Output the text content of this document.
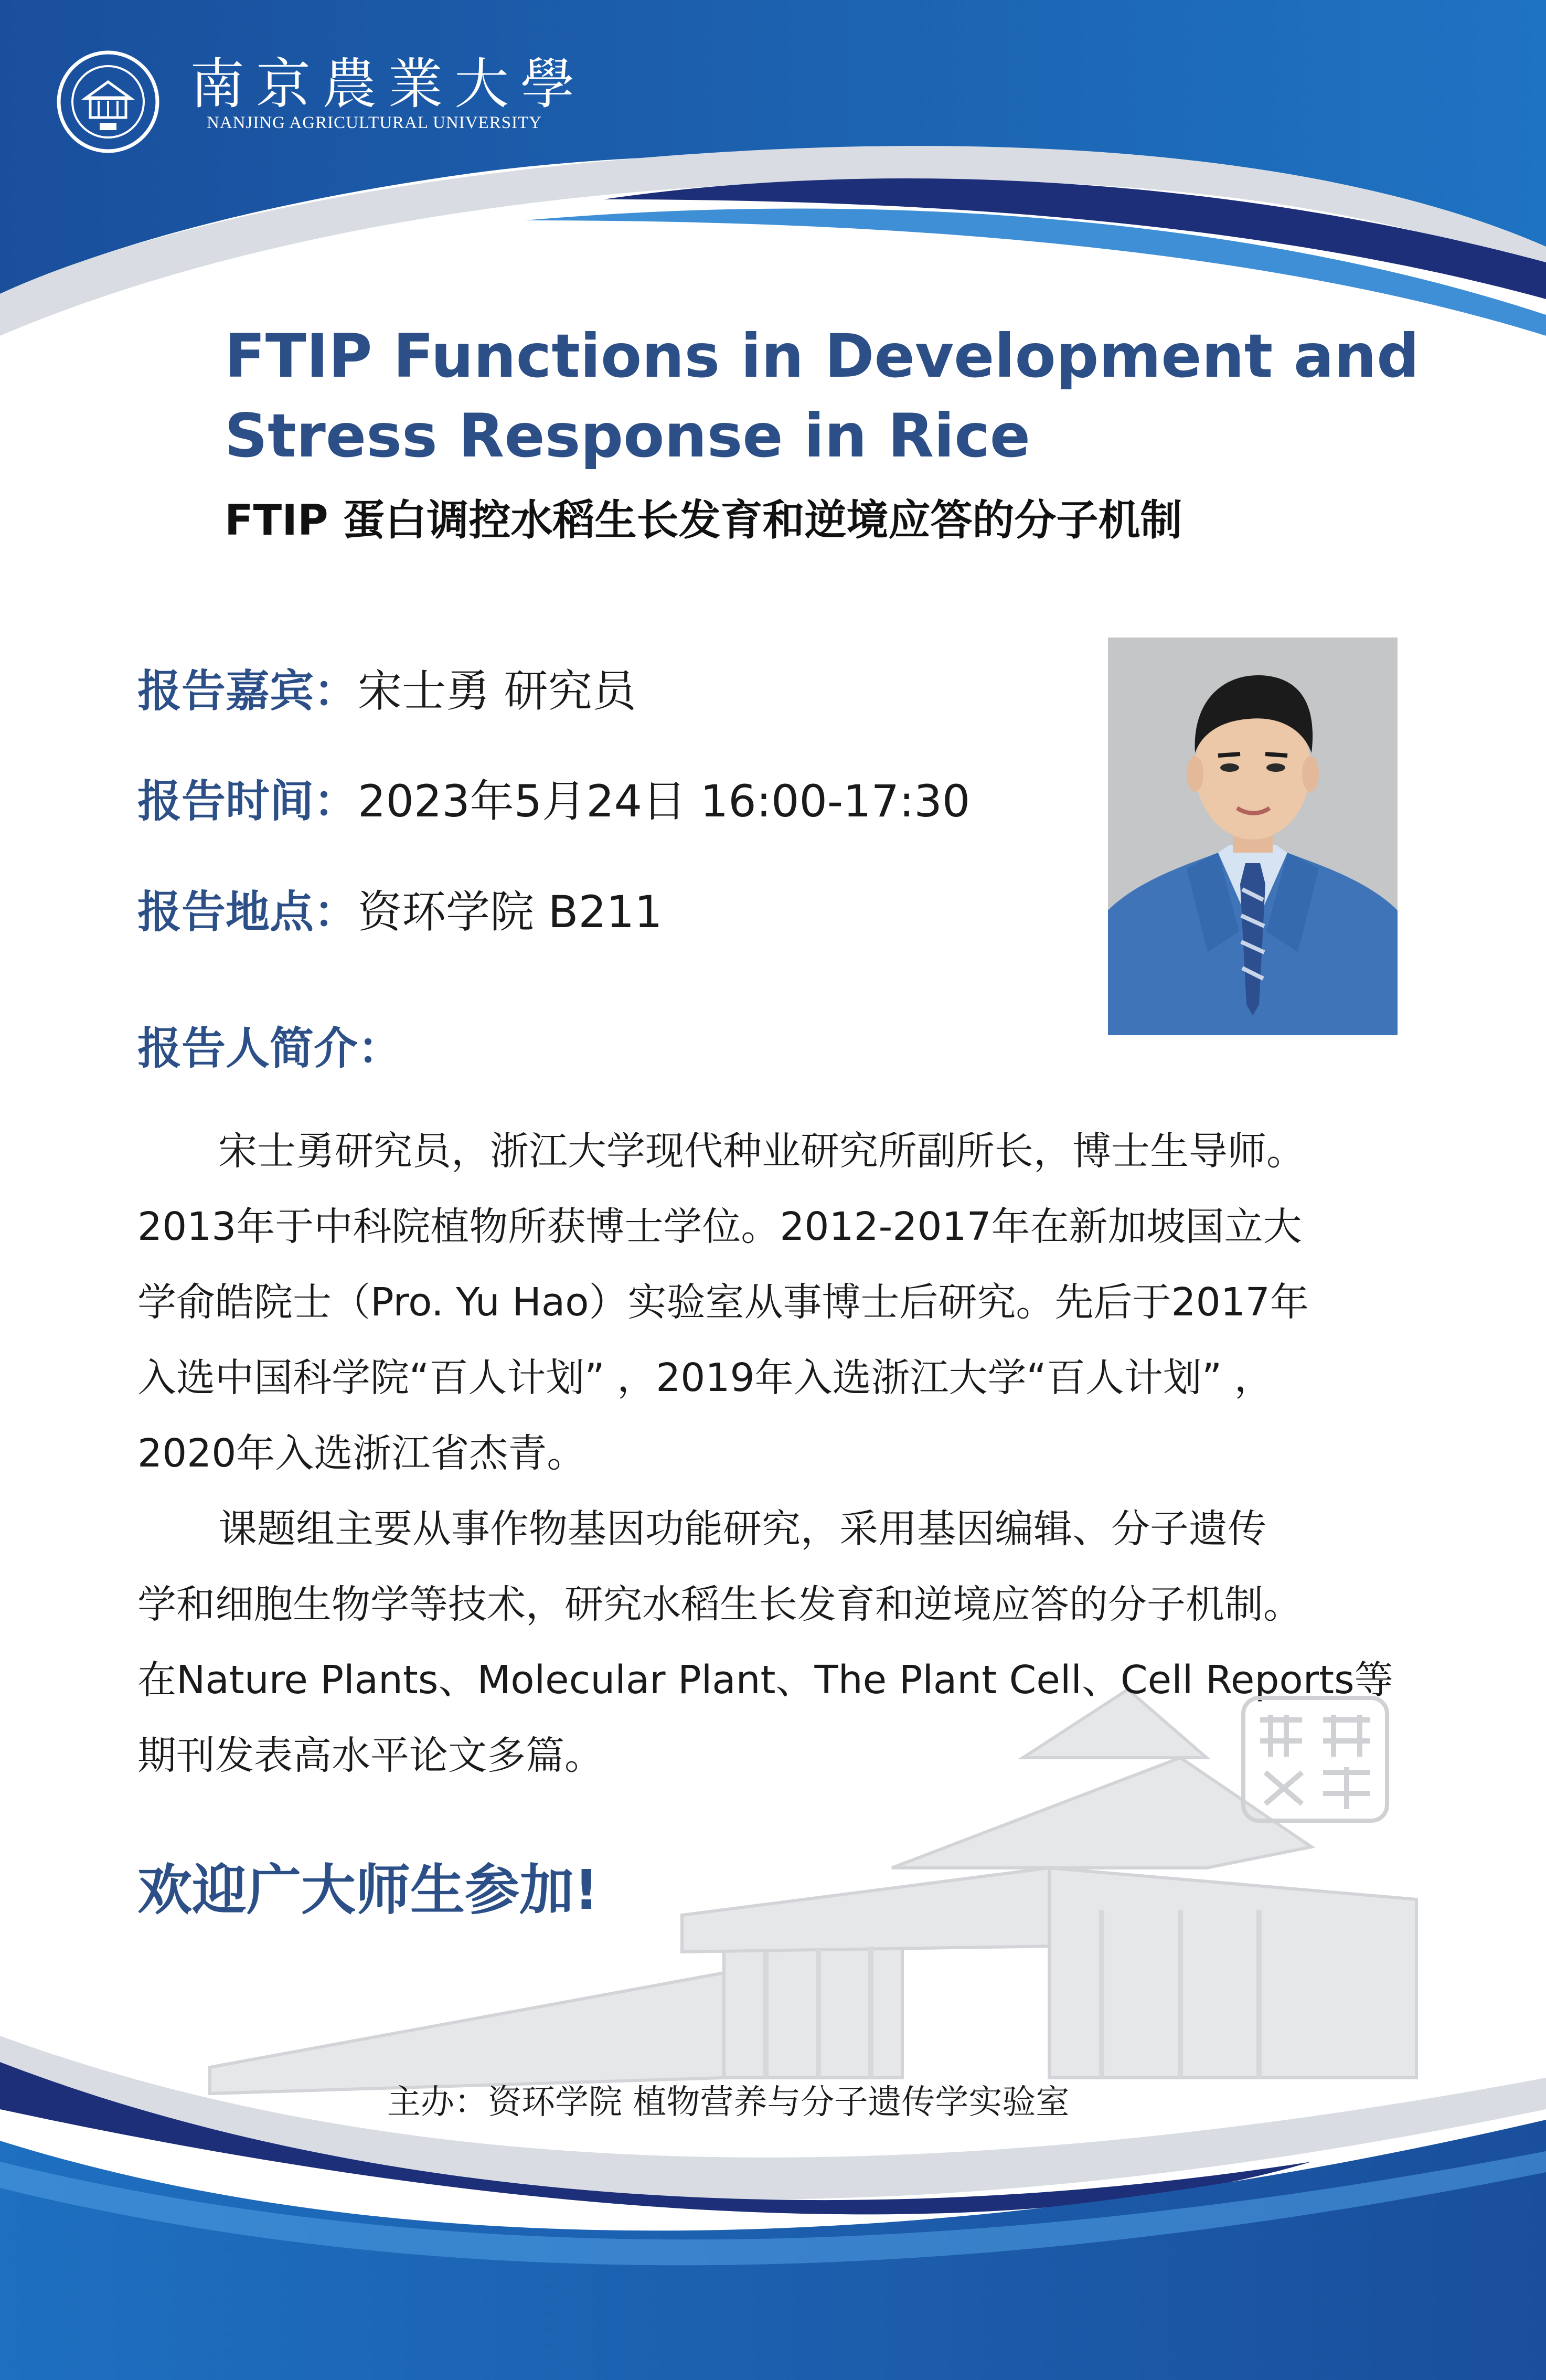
南京農業大學
NANJING AGRICULTURAL UNIVERSITY
FTIP Functions in Development and
Stress Response in Rice
FTIP 蛋白调控水稻生长发育和逆境应答的分子机制
报告嘉宾：宋士勇 研究员
报告时间：2023年5月24日 16:00-17:30
报告地点：资环学院 B211
报告人简介：
宋士勇研究员，浙江大学现代种业研究所副所长，博士生导师。
2013年于中科院植物所获博士学位。2012-2017年在新加坡国立大
学俞皓院士（Pro. Yu Hao）实验室从事博士后研究。先后于2017年
入选中国科学院“百人计划” ，2019年入选浙江大学“百人计划” ，
2020年入选浙江省杰青。
课题组主要从事作物基因功能研究，采用基因编辑、分子遗传
学和细胞生物学等技术，研究水稻生长发育和逆境应答的分子机制。
在Nature Plants、Molecular Plant、The Plant Cell、Cell Reports等
期刊发表高水平论文多篇。
欢迎广大师生参加!
主办：资环学院 植物营养与分子遗传学实验室
